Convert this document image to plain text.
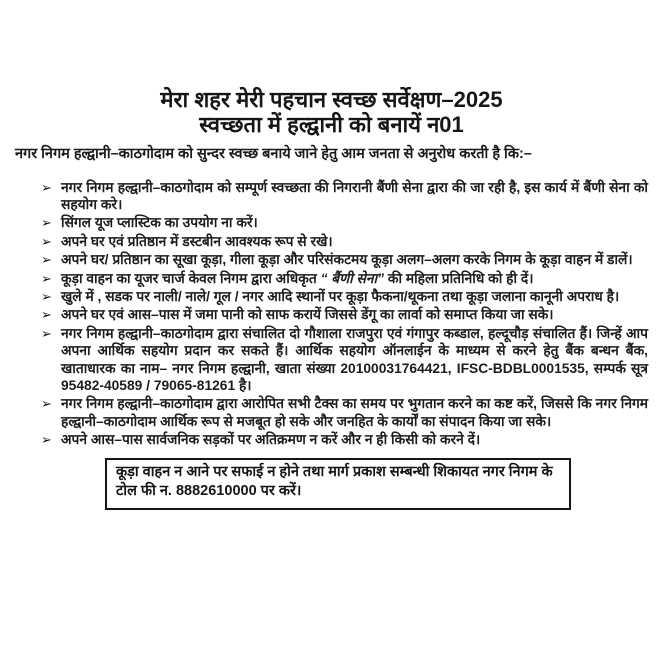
मेरा शहर मेरी पहचान स्वच्छ सर्वेक्षण–2025
स्वच्छता में हल्द्वानी को बनायें न01

नगर निगम हल्द्वानी–काठगोदाम को सुन्दर स्वच्छ बनाये जाने हेतु आम जनता से अनुरोध करती है कि:–

➢ नगर निगम हल्द्वानी–काठगोदाम को सम्पूर्ण स्वच्छता की निगरानी बैंणी सेना द्वारा की जा रही है, इस कार्य में बैंणी सेना को सहयोग करे।
➢ सिंगल यूज प्लास्टिक का उपयोग ना करें।
➢ अपने घर एवं प्रतिष्ठान में डस्टबीन आवश्यक रूप से रखे।
➢ अपने घर/ प्रतिष्ठान का सूखा कूड़ा, गीला कूड़ा और परिसंकटमय कूड़ा अलग–अलग करके निगम के कूड़ा वाहन में डालें।
➢ कूड़ा वाहन का यूजर चार्ज केवल निगम द्वारा अधिकृत “ बैंणी सेना” की महिला प्रतिनिधि को ही दें।
➢ खुले में , सडक पर नाली/ नाले/ गूल / नगर आदि स्थानों पर कूड़ा फैकना/थूकना तथा कूड़ा जलाना कानूनी अपराध है।
➢ अपने घर एवं आस–पास में जमा पानी को साफ करायें जिससे डेंगू का लार्वा को समाप्त किया जा सके।
➢ नगर निगम हल्द्वानी–काठगोदाम द्वारा संचालित दो गौशाला राजपुरा एवं गंगापुर कब्डाल, हल्दूचौड़ संचालित हैं। जिन्हें आप अपना आर्थिक सहयोग प्रदान कर सकते हैं। आर्थिक सहयोग ऑनलाईन के माध्यम से करने हेतु बैंक बन्धन बैंक, खाताधारक का नाम– नगर निगम हल्द्वानी, खाता संख्या 20100031764421, IFSC-BDBL0001535, सम्पर्क सूत्र 95482-40589 / 79065-81261 है।
➢ नगर निगम हल्द्वानी–काठगोदाम द्वारा आरोपित सभी टैक्स का समय पर भुगतान करने का कष्ट करें, जिससे कि नगर निगम हल्द्वानी–काठगोदाम आर्थिक रूप से मजबूत हो सके और जनहित के कार्यों का संपादन किया जा सके।
➢ अपने आस–पास सार्वजनिक सड़कों पर अतिक्रमण न करें और न ही किसी को करने दें।
कूड़ा वाहन न आने पर सफाई न होने तथा मार्ग प्रकाश सम्बन्धी शिकायत नगर निगम के टोल फी न. 8882610000 पर करें।
